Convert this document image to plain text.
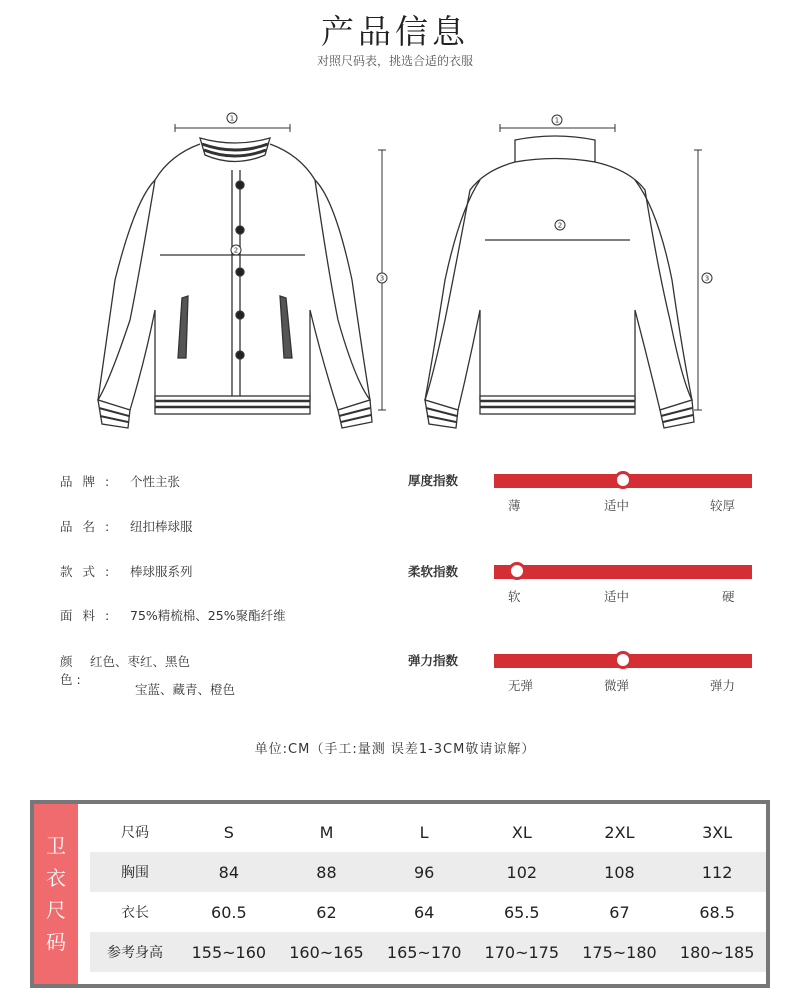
产品信息
对照尺码表，挑选合适的衣服
1
2
3
1
2
3
品牌: 个性主张
品名: 纽扣棒球服
款式: 棒球服系列
面料: 75%精梳棉、25%聚酯纤维
颜色:
红色、枣红、黑色
宝蓝、藏青、橙色
厚度指数
薄	适中	较厚
柔软指数
软	适中	硬
弹力指数
无弹	微弹	弹力
单位:CM（手工:量测 误差1-3CM敬请谅解）
卫
衣
尺
码
尺码	S	M	L	XL	2XL	3XL
胸围	84	88	96	102	108	112
衣长	60.5	62	64	65.5	67	68.5
参考身高	155~160	160~165	165~170	170~175	175~180	180~185
